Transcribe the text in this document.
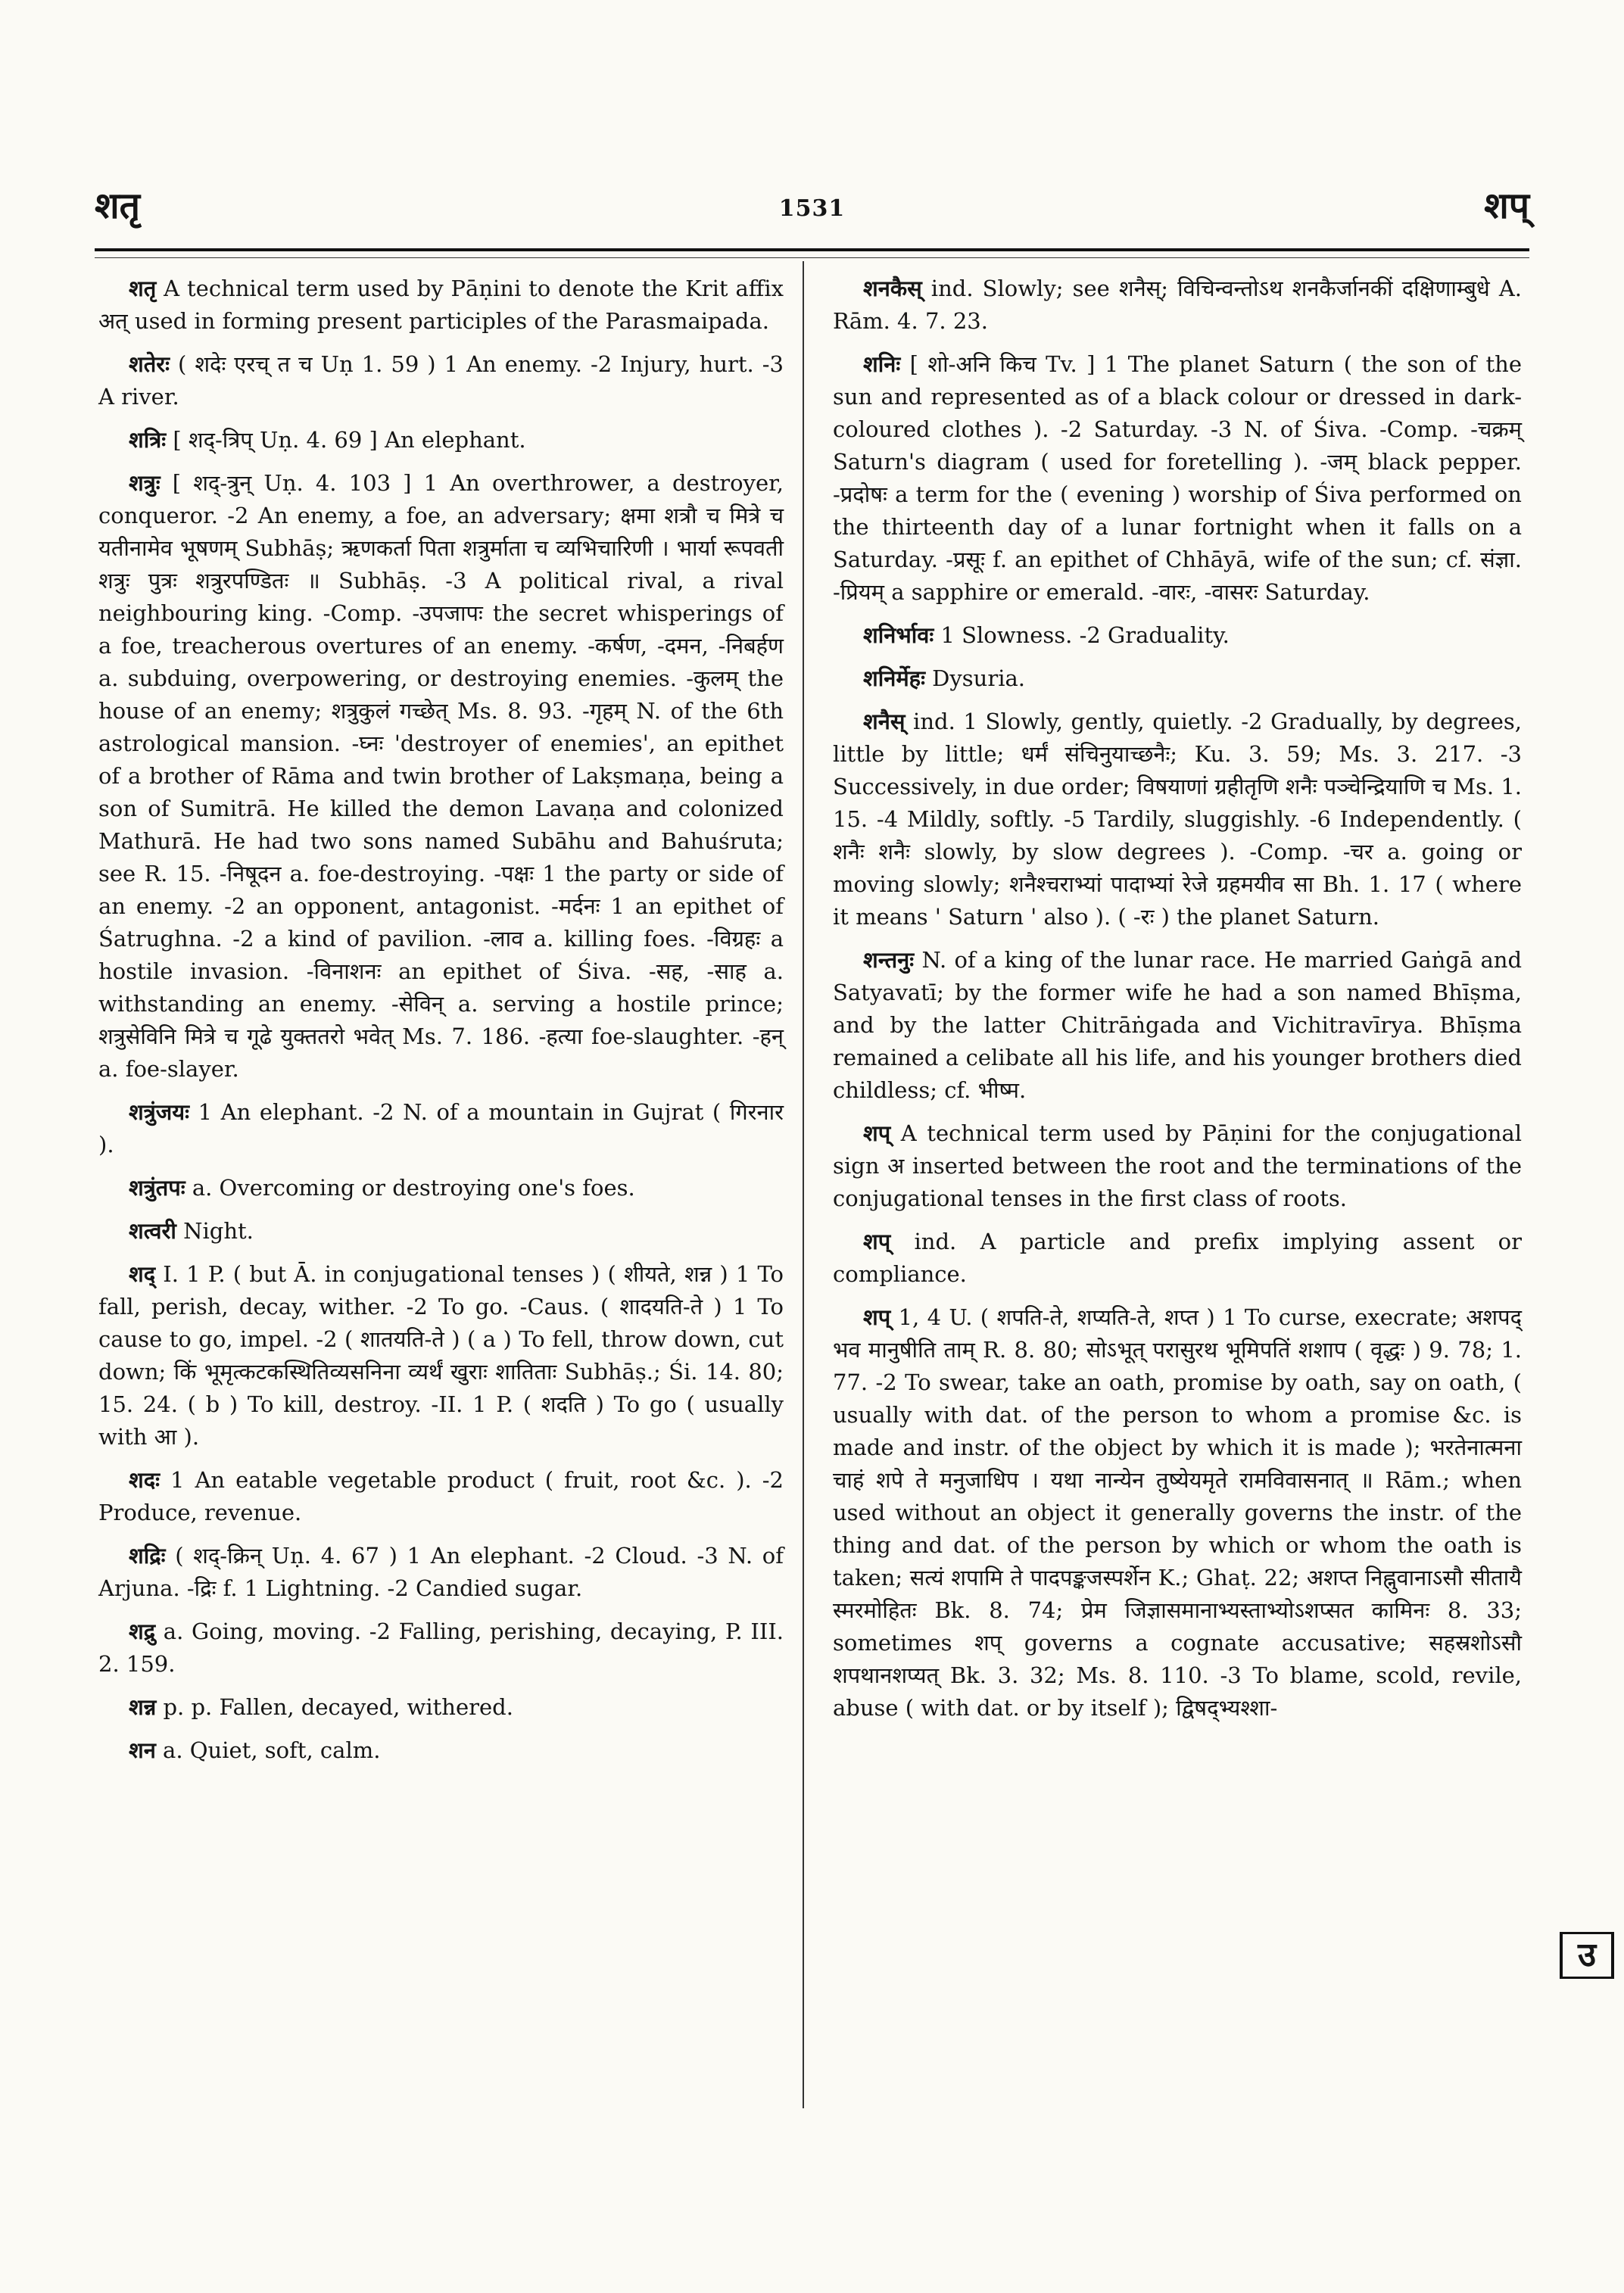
शतृ	1531	शप्

शतृ A technical term used by Pāṇini to denote the Krit affix अत् used in forming present participles of the Parasmaipada.

शतेरः ( शदेः एरच् त च Uṇ 1. 59 ) 1 An enemy. -2 Injury, hurt. -3 A river.

शत्रिः [ शद्-त्रिप् Uṇ. 4. 69 ] An elephant.

शत्रुः [ शद्-त्रुन् Uṇ. 4. 103 ] 1 An overthrower, a destroyer, conqueror. -2 An enemy, a foe, an adversary; क्षमा शत्रौ च मित्रे च यतीनामेव भूषणम् Subhāṣ; ऋणकर्ता पिता शत्रुर्माता च व्यभिचारिणी । भार्या रूपवती शत्रुः पुत्रः शत्रुरपण्डितः ॥ Subhāṣ. -3 A political rival, a rival neighbouring king. -Comp. -उपजापः the secret whisperings of a foe, treacherous overtures of an enemy. -कर्षण, -दमन, -निबर्हण a. subduing, overpowering, or destroying enemies. -कुलम् the house of an enemy; शत्रुकुलं गच्छेत् Ms. 8. 93. -गृहम् N. of the 6th astrological mansion. -घ्नः 'destroyer of enemies', an epithet of a brother of Rāma and twin brother of Lakṣmaṇa, being a son of Sumitrā. He killed the demon Lavaṇa and colonized Mathurā. He had two sons named Subāhu and Bahuśruta; see R. 15. -निषूदन a. foe-destroying. -पक्षः 1 the party or side of an enemy. -2 an opponent, antagonist. -मर्दनः 1 an epithet of Śatrughna. -2 a kind of pavilion. -लाव a. killing foes. -विग्रहः a hostile invasion. -विनाशनः an epithet of Śiva. -सह, -साह a. withstanding an enemy. -सेविन् a. serving a hostile prince; शत्रुसेविनि मित्रे च गूढे युक्ततरो भवेत् Ms. 7. 186. -हत्या foe-slaughter. -हन् a. foe-slayer.

शत्रुंजयः 1 An elephant. -2 N. of a mountain in Gujrat ( गिरनार ).

शत्रुंतपः a. Overcoming or destroying one's foes.

शत्वरी Night.

शद् I. 1 P. ( but Ā. in conjugational tenses ) ( शीयते, शन्न ) 1 To fall, perish, decay, wither. -2 To go. -Caus. ( शादयति-ते ) 1 To cause to go, impel. -2 ( शातयति-ते ) ( a ) To fell, throw down, cut down; किं भूमृत्कटकस्थितिव्यसनिना व्यर्थं खुराः शातिताः Subhāṣ.; Śi. 14. 80; 15. 24. ( b ) To kill, destroy. -II. 1 P. ( शदति ) To go ( usually with आ ).

शदः 1 An eatable vegetable product ( fruit, root &c. ). -2 Produce, revenue.

शद्रिः ( शद्-क्रिन् Uṇ. 4. 67 ) 1 An elephant. -2 Cloud. -3 N. of Arjuna. -द्रिः f. 1 Lightning. -2 Candied sugar.

शद्रु a. Going, moving. -2 Falling, perishing, decaying, P. III. 2. 159.

शन्न p. p. Fallen, decayed, withered.

शन a. Quiet, soft, calm.

शनकैस् ind. Slowly; see शनैस्; विचिन्वन्तोऽथ शनकैर्जानकीं दक्षिणाम्बुधे A. Rām. 4. 7. 23.

शनिः [ शो-अनि किच Tv. ] 1 The planet Saturn ( the son of the sun and represented as of a black colour or dressed in dark-coloured clothes ). -2 Saturday. -3 N. of Śiva. -Comp. -चक्रम् Saturn's diagram ( used for foretelling ). -जम् black pepper. -प्रदोषः a term for the ( evening ) worship of Śiva performed on the thirteenth day of a lunar fortnight when it falls on a Saturday. -प्रसूः f. an epithet of Chhāyā, wife of the sun; cf. संज्ञा. -प्रियम् a sapphire or emerald. -वारः, -वासरः Saturday.

शनिर्भावः 1 Slowness. -2 Graduality.

शनिर्मेहः Dysuria.

शनैस् ind. 1 Slowly, gently, quietly. -2 Gradually, by degrees, little by little; धर्मं संचिनुयाच्छनैः; Ku. 3. 59; Ms. 3. 217. -3 Successively, in due order; विषयाणां ग्रहीतृणि शनैः पञ्चेन्द्रियाणि च Ms. 1. 15. -4 Mildly, softly. -5 Tardily, sluggishly. -6 Independently. ( शनैः शनैः slowly, by slow degrees ). -Comp. -चर a. going or moving slowly; शनैश्चराभ्यां पादाभ्यां रेजे ग्रहमयीव सा Bh. 1. 17 ( where it means ' Saturn ' also ). ( -रः ) the planet Saturn.

शन्तनुः N. of a king of the lunar race. He married Gaṅgā and Satyavatī; by the former wife he had a son named Bhīṣma, and by the latter Chitrāṅgada and Vichitravīrya. Bhīṣma remained a celibate all his life, and his younger brothers died childless; cf. भीष्म.

शप् A technical term used by Pāṇini for the conjugational sign अ inserted between the root and the terminations of the conjugational tenses in the first class of roots.

शप् ind. A particle and prefix implying assent or compliance.

शप् 1, 4 U. ( शपति-ते, शप्यति-ते, शप्त ) 1 To curse, execrate; अशपद् भव मानुषीति ताम् R. 8. 80; सोऽभूत् परासुरथ भूमिपतिं शशाप ( वृद्धः ) 9. 78; 1. 77. -2 To swear, take an oath, promise by oath, say on oath, ( usually with dat. of the person to whom a promise &c. is made and instr. of the object by which it is made ); भरतेनात्मना चाहं शपे ते मनुजाधिप । यथा नान्येन तुष्येयमृते रामविवासनात् ॥ Rām.; when used without an object it generally governs the instr. of the thing and dat. of the person by which or whom the oath is taken; सत्यं शपामि ते पादपङ्कजस्पर्शेन K.; Ghaṭ. 22; अशप्त निह्नुवानाऽसौ सीतायै स्मरमोहितः Bk. 8. 74; प्रेम जिज्ञासमानाभ्यस्ताभ्योऽशप्सत कामिनः 8. 33; sometimes शप् governs a cognate accusative; सहस्रशोऽसौ शपथानशप्यत् Bk. 3. 32; Ms. 8. 110. -3 To blame, scold, revile, abuse ( with dat. or by itself ); द्विषद्भ्यश्शा-

उ
